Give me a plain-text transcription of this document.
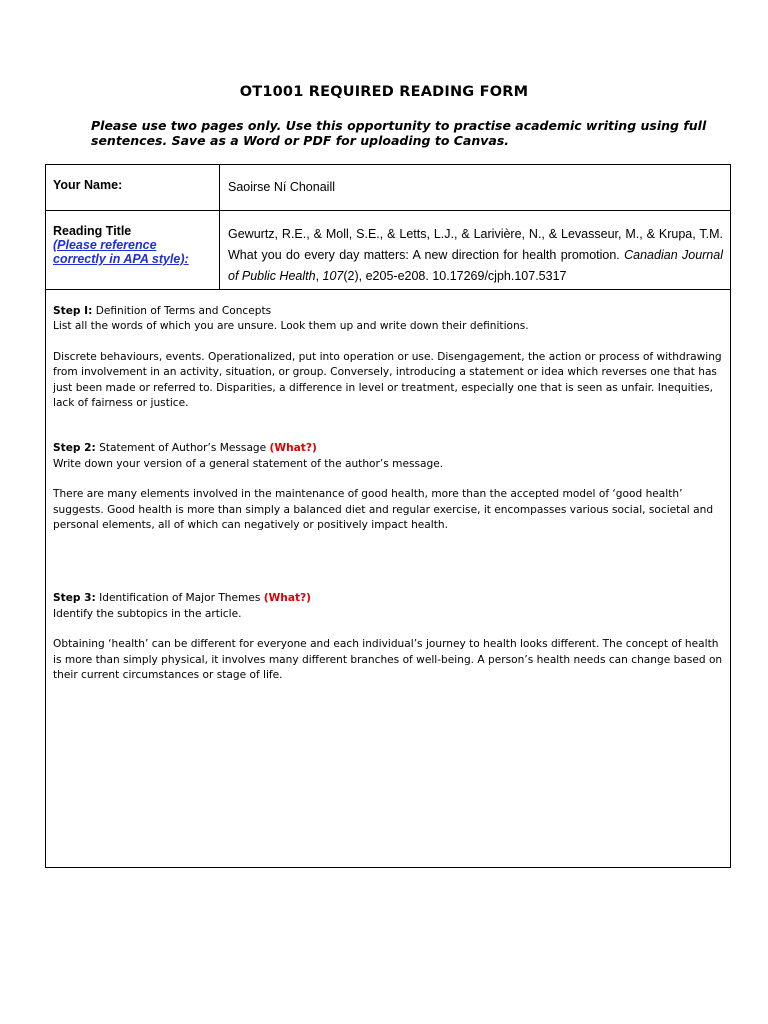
OT1001 REQUIRED READING FORM
Please use two pages only. Use this opportunity to practise academic writing using full sentences. Save as a Word or PDF for uploading to Canvas.
Your Name:	Saoirse Ní Chonaill
Reading Title
(Please reference correctly in APA style):
Gewurtz, R.E., & Moll, S.E., & Letts, L.J., & Larivière, N., & Levasseur, M., & Krupa, T.M. What you do every day matters: A new direction for health promotion. Canadian Journal of Public Health, 107(2), e205-e208. 10.17269/cjph.107.5317

Step I: Definition of Terms and Concepts

List all the words of which you are unsure. Look them up and write down their definitions.

Discrete behaviours, events. Operationalized, put into operation or use. Disengagement, the action or process of withdrawing from involvement in an activity, situation, or group. Conversely, introducing a statement or idea which reverses one that has just been made or referred to. Disparities, a difference in level or treatment, especially one that is seen as unfair. Inequities, lack of fairness or justice.

Step 2: Statement of Author’s Message (What?)

Write down your version of a general statement of the author’s message.

There are many elements involved in the maintenance of good health, more than the accepted model of ‘good health’ suggests. Good health is more than simply a balanced diet and regular exercise, it encompasses various social, societal and personal elements, all of which can negatively or positively impact health.

Step 3: Identification of Major Themes (What?)

Identify the subtopics in the article.

Obtaining ‘health’ can be different for everyone and each individual’s journey to health looks different. The concept of health is more than simply physical, it involves many different branches of well-being. A person’s health needs can change based on their current circumstances or stage of life.
